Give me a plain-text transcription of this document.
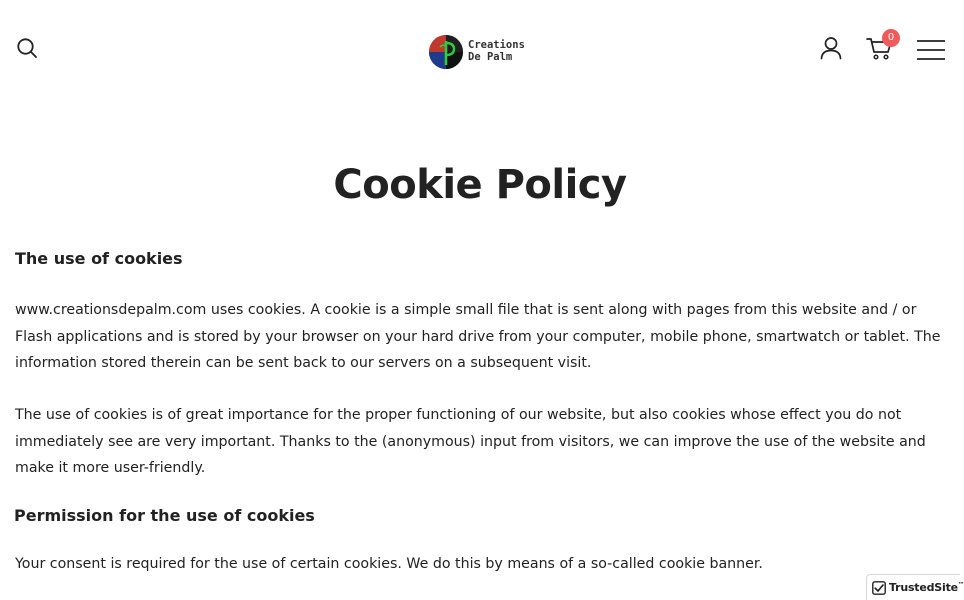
Creations
De Palm
0
Cookie Policy
The use of cookies

www.creationsdepalm.com uses cookies. A cookie is a simple small file that is sent along with pages from this website and / or Flash applications and is stored by your browser on your hard drive from your computer, mobile phone, smartwatch or tablet. The information stored therein can be sent back to our servers on a subsequent visit.

The use of cookies is of great importance for the proper functioning of our website, but also cookies whose effect you do not immediately see are very important. Thanks to the (anonymous) input from visitors, we can improve the use of the website and make it more user-friendly.

Permission for the use of cookies

Your consent is required for the use of certain cookies. We do this by means of a so-called cookie banner.

TrustedSite™
